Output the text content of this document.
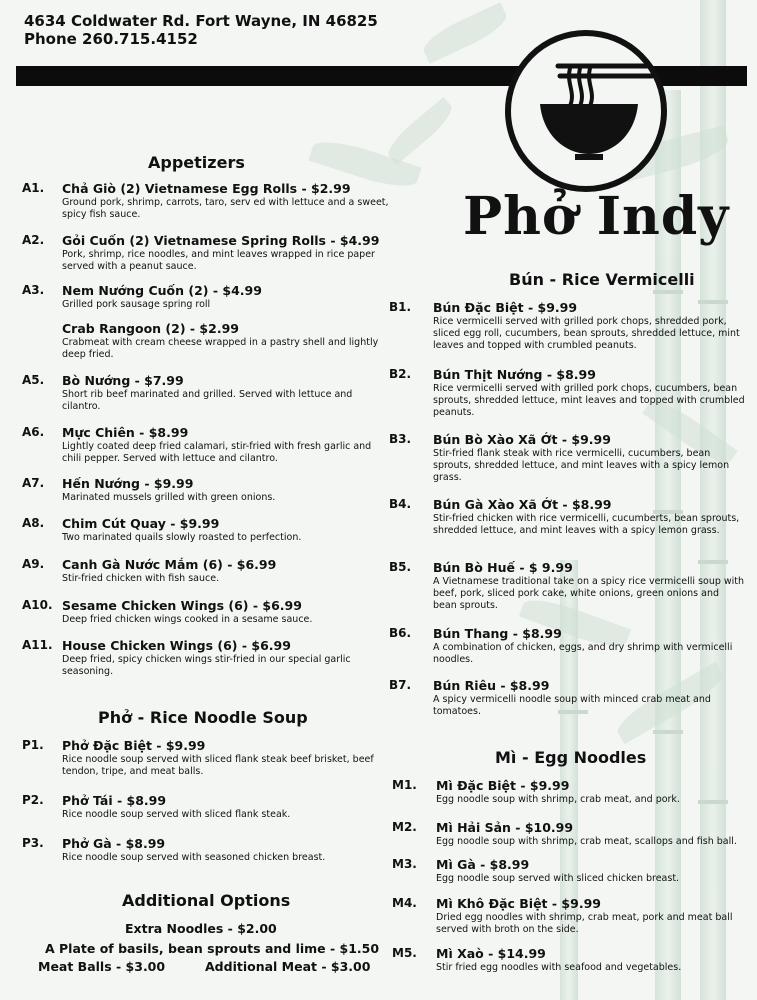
4634 Coldwater Rd. Fort Wayne, IN 46825
Phone 260.715.4152
Phở Indy
Appetizers
A1. Chả Giò (2) Vietnamese Egg Rolls - $2.99
Ground pork, shrimp, carrots, taro, serv ed with lettuce and a sweet, spicy fish sauce.
A2. Gỏi Cuốn (2) Vietnamese Spring Rolls - $4.99
Pork, shrimp, rice noodles, and mint leaves wrapped in rice paper served with a peanut sauce.
A3. Nem Nướng Cuốn (2) - $4.99
Grilled pork sausage spring roll
Crab Rangoon (2) - $2.99
Crabmeat with cream cheese wrapped in a pastry shell and lightly deep fried.
A5. Bò Nướng - $7.99
Short rib beef marinated and grilled. Served with lettuce and cilantro.
A6. Mực Chiên - $8.99
Lightly coated deep fried calamari, stir-fried with fresh garlic and chili pepper. Served with lettuce and cilantro.
A7. Hến Nướng - $9.99
Marinated mussels grilled with green onions.
A8. Chim Cút Quay - $9.99
Two marinated quails slowly roasted to perfection.
A9. Canh Gà Nước Mắm (6) - $6.99
Stir-fried chicken with fish sauce.
A10. Sesame Chicken Wings (6) - $6.99
Deep fried chicken wings cooked in a sesame sauce.
A11. House Chicken Wings (6) - $6.99
Deep fried, spicy chicken wings stir-fried in our special garlic seasoning.
Phở - Rice Noodle Soup
P1. Phở Đặc Biệt - $9.99
Rice noodle soup served with sliced flank steak beef brisket, beef tendon, tripe, and meat balls.
P2. Phở Tái - $8.99
Rice noodle soup served with sliced flank steak.
P3. Phở Gà - $8.99
Rice noodle soup served with seasoned chicken breast.
Additional Options
Extra Noodles - $2.00
A Plate of basils, bean sprouts and lime - $1.50
Meat Balls - $3.00	Additional Meat - $3.00
Bún - Rice Vermicelli
B1. Bún Đặc Biệt - $9.99
Rice vermicelli served with grilled pork chops, shredded pork, sliced egg roll, cucumbers, bean sprouts, shredded lettuce, mint leaves and topped with crumbled peanuts.
B2. Bún Thịt Nướng - $8.99
Rice vermicelli served with grilled pork chops, cucumbers, bean sprouts, shredded lettuce, mint leaves and topped with crumbled peanuts.
B3. Bún Bò Xào Xã Ớt - $9.99
Stir-fried flank steak with rice vermicelli, cucumbers, bean sprouts, shredded lettuce, and mint leaves with a spicy lemon grass.
B4. Bún Gà Xào Xã Ớt - $8.99
Stir-fried chicken with rice vermicelli, cucumberts, bean sprouts, shredded lettuce, and mint leaves with a spicy lemon grass.
B5. Bún Bò Huế - $ 9.99
A Vietnamese traditional take on a spicy rice vermicelli soup with beef, pork, sliced pork cake, white onions, green onions and bean sprouts.
B6. Bún Thang - $8.99
A combination of chicken, eggs, and dry shrimp with vermicelli noodles.
B7. Bún Riêu - $8.99
A spicy vermicelli noodle soup with minced crab meat and tomatoes.
Mì - Egg Noodles
M1. Mì Đặc Biệt - $9.99
Egg noodle soup with shrimp, crab meat, and pork.
M2. Mì Hải Sản - $10.99
Egg noodle soup with shrimp, crab meat, scallops and fish ball.
M3. Mì Gà - $8.99
Egg noodle soup served with sliced chicken breast.
M4. Mì Khô Đặc Biệt - $9.99
Dried egg noodles with shrimp, crab meat, pork and meat ball served with broth on the side.
M5. Mì Xaò - $14.99
Stir fried egg noodles with seafood and vegetables.
